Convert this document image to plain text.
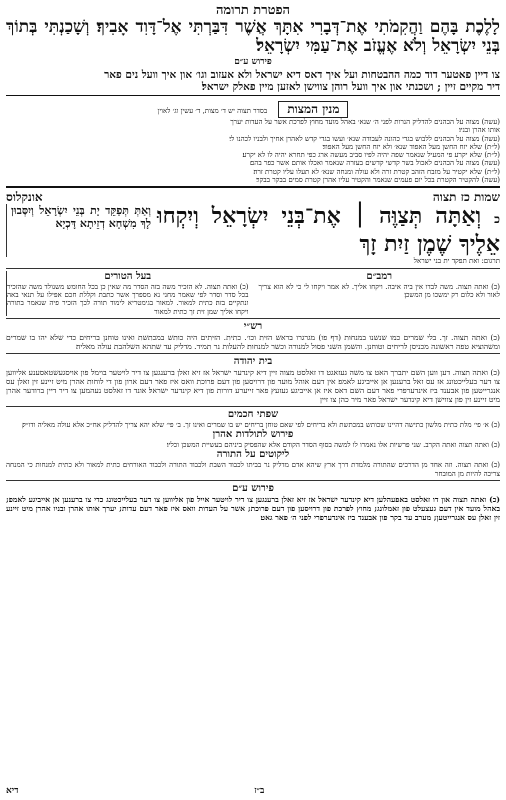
הפטרת תרומה
לָלֶכֶת בָּהֶם וַהֲקִמֹתִי אֶת־דְּבָרִי אִתָּךְ אֲשֶׁר דִּבַּרְתִּי אֶל־דָּוִד אָבִיךָ׃ וְשָׁכַנְתִּי בְּתוֹךְ בְּנֵי יִשְׂרָאֵל וְלֹא אֶעֱזֹב אֶת־עַמִּי יִשְׂרָאֵל׃
פירוש ע״ם
צו דיין פאטער דוד כמה ההבטחות ועל איך דאס דיא ישראל ולא אעזוב וגו׳ און איך וועל נים פאר
דיר מקיים זיין ; ושכנתי און איך וועל רוהן צווישן לאזען מיין פאלק ישראל׃
מנין המצות בסדר תצוה יש ד׳ מצות, ד׳ עשין וג׳ לאוין
(עשה) מצוה על הכהנים להדליק הנרות לפני ה׳ שנא׳ באהל מועד מחוץ לפרכת אשר על העדות יערך
אותו אהרן ובניו׃
(עשה) מצוה על הכהנים ללבוש בגדי כהונה לעבודה שנא׳ ועשו בגדי קדש לאהרן אחיך ולבניו לכהנו לי׃
(ל״ת) שלא יזח החשן מעל האפוד שנא׳ ולא יזח החשן מעל האפוד׃
(ל״ת) שלא יקרע פי המעיל שנאמר שפה יהיה לפיו סביב מעשה ארג כפי תחרא יהיה לו לא יקרע׃
(עשה) מצוה על הכהנים לאכול בשר קדשי קדשים בעזרה שנאמר ואכלו אותם אשר כפר בהם׃
(ל״ת) שלא יקטיר על מזבח הזהב קטרת זרה ולא עולה ומנחה שנא׳ לא תעלו עליו קטרת זרה׃
(עשה) להקטיר הקטרת בכל יום פעמים שנאמר והקטיר עליו אהרן קטרת סמים בבקר בבקר׃
שמות כז תצוה
אונקלוס
כ וְאַתָּה תְּצַוֶּה ׀ אֶת־בְּנֵי יִשְׂרָאֵל וְיִקְחוּ אֵלֶיךָ שֶׁמֶן זַיִת זָךְ
וְאַתְּ תְּפַקֵּד יָת בְּנֵי יִשְׂרָאֵל וְיִסְּבוּן לָךְ מִשְׁחָא דְזֵיתָא דָּכְיָא
תרגום: ואת תפקד ית בני ישראל
רמב״ם
(כ) ואתה תצוה. משה לבדו אין ביה איבה. ויקחו אליך. לא אמר ויקחו לי כי לא הוא צריך לאור ולא כלום רק ימשכו מן המשכן׃
בעל הטורים
(כ) ואתה תצוה. לא הזכיר משה בזה הסדר מה שאין כן בכל החומש משנולד משה שהזכיר בכל סדר וסדר לפי שאמר מחני נא מספרך אשר כתבת וקללת חכם אפילו על תנאי באה ונתקיים בזה׃ כתית למאור. למאור בגימטריא לימוד תורה לכך הזכיר פיה שנאמר בתורה ויקחו אליך שמן זית זך כתית למאור
רש״י
(כ) ואתה תצוה. זך. בלי שמרים כמו שנשנו במנחות (דף פו) מגרגרו בראש הזית וכו׳. כתית. הזיתים היה כותש במכתשת ואינו טוחנן בריחים כדי שלא יהו בו שמרים ומשהוציא טפה ראשונה מכניסן לריחים וטוחנן. והשמן השני פסול למנורה וכשר למנחות׃ להעלות נר תמיד. מדליק עד שתהא השלהבת עולה מאליה׃
בית יהודה
(כ) ואתה תצוה. דען ווען השם יתברך האט צו משה געזאגט דו זאלסט מצוה זיין דיא קינדער ישראל אז זיא זאלן ברענגען צו דיר לויטער בוימל פון אויסגעשטאסענע אליווען צו דער בעלייכטונג אז עס זאל ברענען אן אייביגע לאמפ אין דעם אוהל מועד פון דרויסען פון דעם פרוכת וואס איז פאר דעם ארון פון די לוחות אהרן מיט זיינע זין זאלן עס אנגרייטען פון אבענד ביז אינדערפרי פאר דעם השם דאס איז אן אייביגע געזעץ פאר זייערע דורות פון דיא קינדער ישראל׃ אונד דו זאלסט נעהמען צו דיר דיין ברודער אהרן מיט זיינע זין פון צווישן דיא קינדער ישראל פאר מיר כהן צו זיין
שפתי חכמים
(כ) א׳ פי׳ מלת כתית מלשון כתישה דהיינו שכותש במכתשת ולא בריחים לפי שאם טוחן בריחים יש בו שמרים ואינו זך. ב׳ פי׳ שלא יהא צריך להדליק אח״כ אלא עולה מאליה ודו״ק׃
פירוש לתולדות אהרן
(כ) ואתה תצוה ואתה הקרב. שני פרשיות אלו נאמרו לו למשה בסוף הסדר הקודם אלא שהפסיק ביניהם בעשיית המשכן וכליו׃
ליקוטים על התורה
(כ) ואתה תצוה. וזה אחד מן הדרכים שהתורה מלמדת דרך ארץ שיהא אדם מדליק נר בביתו לכבוד השבת ולכבוד התורה ולכבוד האורחים׃ כתית למאור ולא כתית למנחות כי המנחה צריכה להיות מן המובחר
פירוש ע״ם
(כ) ואתה תצוה און דו זאלסט באפעהלען דיא קינדער ישראל אז זיא זאלן ברענגען צו דיר לויטער אייל פון אליווען צו דער בעלייכטונג כדי צו ברענען אן אייביגע לאמפ; באהל מועד אין דעם געצעלט פון זאמלונג; מחוץ לפרכת פון דרויסען פון דעם פרוכת; אשר על העדות וואס איז פאר דעם עדות; יערך אותו אהרן ובניו אהרן מיט זיינע זין זאלן עס אנגרייטען; מערב עד בקר פון אבענד ביז אינדערפרי לפני ה׳ פאר גאט׃
ב״ז
דיא
